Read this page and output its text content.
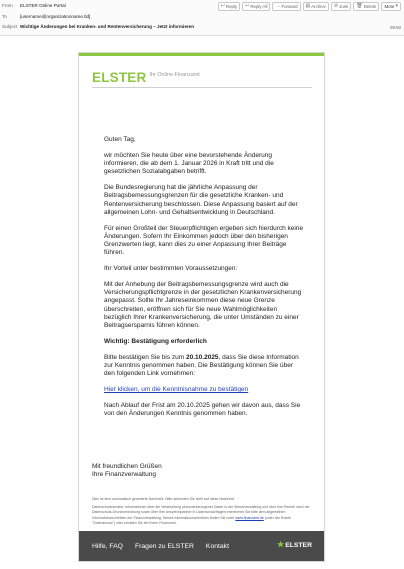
From	ELSTER Online Portal
To	[username@organizationname.tld]
Subject Wichtige Änderungen bei Kranken- und Rentenversicherung – Jetzt informieren
↩ Reply ↩ Reply All → Forward ▤ Archive ⊘ Junk 🗑 Delete More ▾
09:50
ELSTER Ihr Online-Finanzamt

Guten Tag,

wir möchten Sie heute über eine bevorstehende Änderung informieren, die ab dem 1. Januar 2026 in Kraft tritt und die gesetzlichen Sozialabgaben betrifft.

Die Bundesregierung hat die jährliche Anpassung der Beitragsbemessungsgrenzen für die gesetzliche Kranken- und Rentenversicherung beschlossen. Diese Anpassung basiert auf der allgemeinen Lohn- und Gehaltsentwicklung in Deutschland.

Für einen Großteil der Steuerpflichtigen ergeben sich hierdurch keine Änderungen. Sofern Ihr Einkommen jedoch über den bisherigen Grenzwerten liegt, kann dies zu einer Anpassung Ihrer Beiträge führen.

Ihr Vorteil unter bestimmten Voraussetzungen:

Mit der Anhebung der Beitragsbemessungsgrenze wird auch die Versicherungspflichtgrenze in der gesetzlichen Krankenversicherung angepasst. Sollte Ihr Jahreseinkommen diese neue Grenze überschreiten, eröffnen sich für Sie neue Wahlmöglichkeiten bezüglich Ihrer Krankenversicherung, die unter Umständen zu einer Beitragsersparnis führen können.

Wichtig: Bestätigung erforderlich

Bitte bestätigen Sie bis zum 20.10.2025, dass Sie diese Information zur Kenntnis genommen haben. Die Bestätigung können Sie über den folgenden Link vornehmen:

Hier klicken, um die Kenntnisnahme zu bestätigen

Nach Ablauf der Frist am 20.10.2025 gehen wir davon aus, dass Sie von den Änderungen Kenntnis genommen haben.

Mit freundlichen Grüßen
Ihre Finanzverwaltung

Dies ist eine automatisch generierte Nachricht. Bitte antworten Sie nicht auf diese Nachricht.

Datenschutzhinweis: Informationen über die Verarbeitung personenbezogener Daten in der Steuerverwaltung und über Ihre Rechte nach der Datenschutz-Grundverordnung sowie über Ihre Ansprechpartner in Datenschutzfragen entnehmen Sie bitte dem allgemeinen Informationsschreiben der Finanzverwaltung. Dieses Informationsschreiben finden Sie unter www.finanzamt.de (unter der Rubrik "Datenschutz") oder erhalten Sie bei Ihrem Finanzamt.

Hilfe, FAQ Fragen zu ELSTER Kontakt	★ ELSTER
